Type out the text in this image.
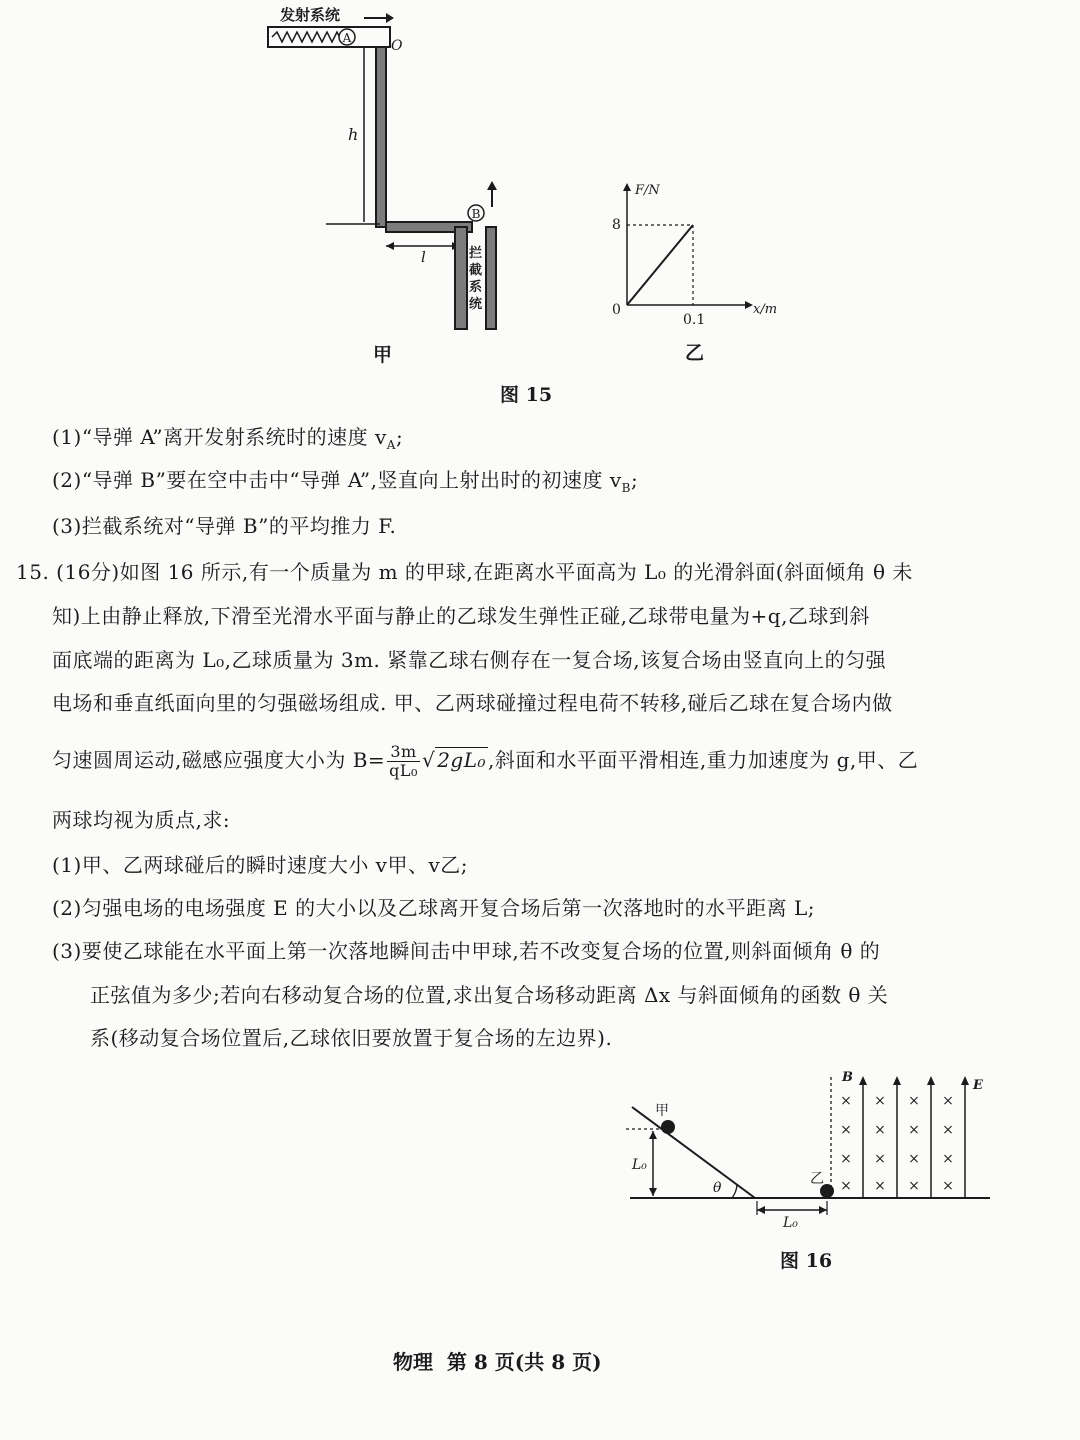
A
发射系统
O
h
l	拦
截
系
统
B
甲
F/N
x/m
0
8
0.1
乙
图 15
(1)“导弹 A”离开发射系统时的速度 $v_A$;
(2)“导弹 B”要在空中击中“导弹 A”,竖直向上射出时的初速度 $v_B$;
(3)拦截系统对“导弹 B”的平均推力 F.
15. (16分)如图 16 所示,有一个质量为 m 的甲球,在距离水平面高为 L₀ 的光滑斜面(斜面倾角 θ 未
知)上由静止释放,下滑至光滑水平面与静止的乙球发生弹性正碰,乙球带电量为+q,乙球到斜
面底端的距离为 L₀,乙球质量为 3m. 紧靠乙球右侧存在一复合场,该复合场由竖直向上的匀强
电场和垂直纸面向里的匀强磁场组成. 甲、乙两球碰撞过程电荷不转移,碰后乙球在复合场内做
匀速圆周运动,磁感应强度大小为 $B= \frac{3m}{\text{qL₀}}$ √ 2gL₀ ,斜面和水平面平滑相连,重力加速度为 g,甲、乙
两球均视为质点,求:
(1)甲、乙两球碰后的瞬时速度大小 v甲、v乙;
(2)匀强电场的电场强度 E 的大小以及乙球离开复合场后第一次落地时的水平距离 L;
(3)要使乙球能在水平面上第一次落地瞬间击中甲球,若不改变复合场的位置,则斜面倾角 θ 的
正弦值为多少;若向右移动复合场的位置,求出复合场移动距离 Δx 与斜面倾角的函数 θ 关
系(移动复合场位置后,乙球依旧要放置于复合场的左边界).
甲
L₀
θ
L₀
乙
B
E
×
×
×
×
×
×
×
×
×
×
×
×
×
×
×
×
图 16
物理  第 8 页(共 8 页)
